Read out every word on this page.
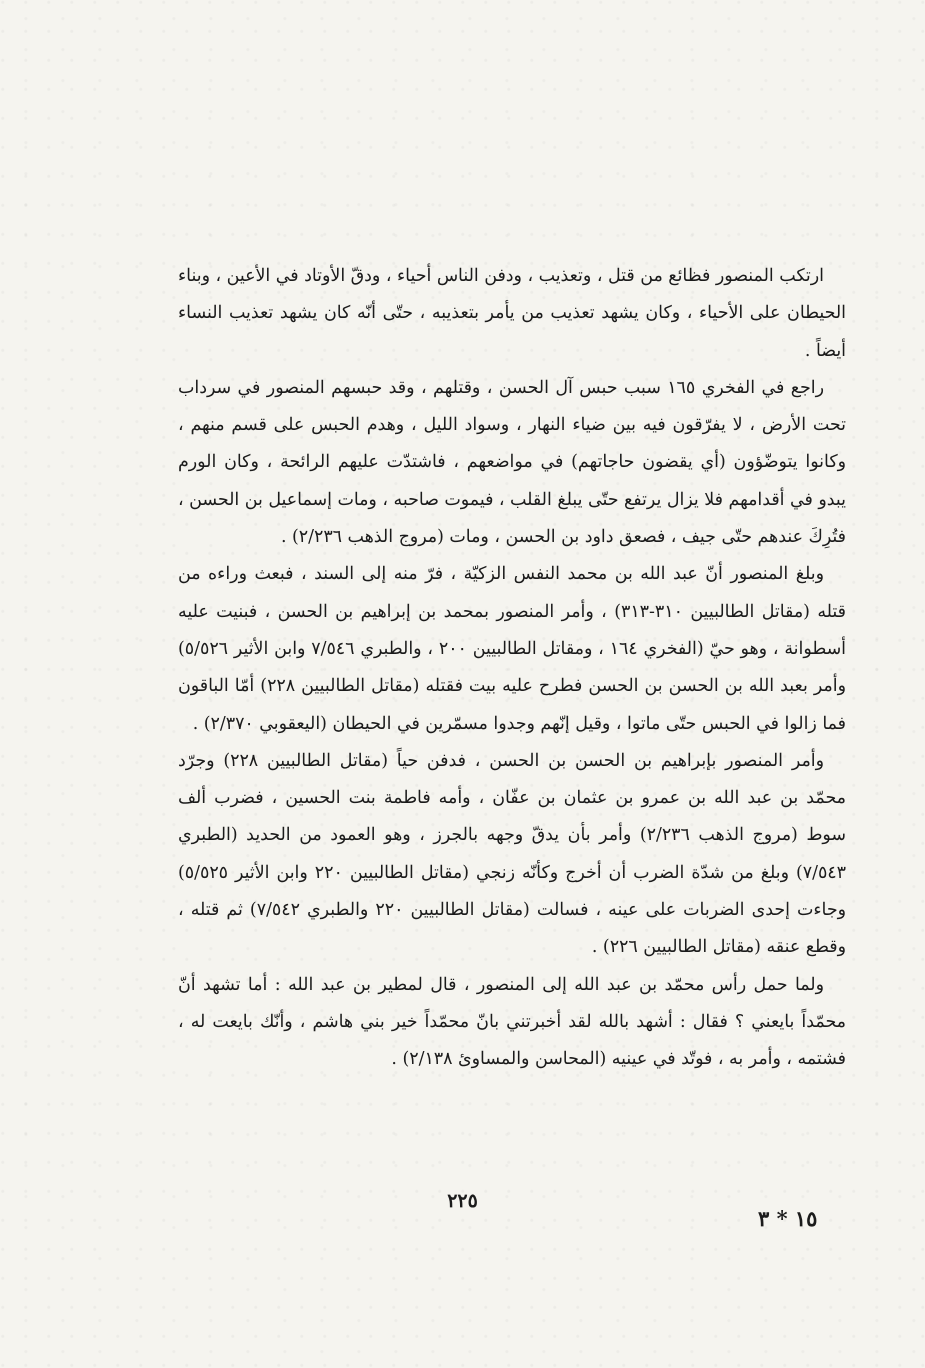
ارتكب المنصور فظائع من قتل ، وتعذيب ، ودفن الناس أحياء ، ودقّ الأوتاد في الأعين ، وبناء الحيطان على الأحياء ، وكان يشهد تعذيب من يأمر بتعذيبه ، حتّى أنّه كان يشهد تعذيب النساء أيضاً .

راجع في الفخري ١٦٥ سبب حبس آل الحسن ، وقتلهم ، وقد حبسهم المنصور في سرداب تحت الأرض ، لا يفرّقون فيه بين ضياء النهار ، وسواد الليل ، وهدم الحبس على قسم منهم ، وكانوا يتوضّؤون (أي يقضون حاجاتهم) في مواضعهم ، فاشتدّت عليهم الرائحة ، وكان الورم يبدو في أقدامهم فلا يزال يرتفع حتّى يبلغ القلب ، فيموت صاحبه ، ومات إسماعيل بن الحسن ، فتُرِكَ عندهم حتّى جيف ، فصعق داود بن الحسن ، ومات (مروج الذهب ٢/٢٣٦) .

وبلغ المنصور أنّ عبد الله بن محمد النفس الزكيّة ، فرّ منه إلى السند ، فبعث وراءه من قتله (مقاتل الطالبيين ٣١٠-٣١٣) ، وأمر المنصور بمحمد بن إبراهيم بن الحسن ، فبنيت عليه أسطوانة ، وهو حيّ (الفخري ١٦٤ ، ومقاتل الطالبيين ٢٠٠ ، والطبري ٧/٥٤٦ وابن الأثير ٥/٥٢٦) وأمر بعبد الله بن الحسن بن الحسن فطرح عليه بيت فقتله (مقاتل الطالبيين ٢٢٨) أمّا الباقون فما زالوا في الحبس حتّى ماتوا ، وقيل إنّهم وجدوا مسمّرين في الحيطان (اليعقوبي ٢/٣٧٠) .

وأمر المنصور بإبراهيم بن الحسن بن الحسن ، فدفن حياً (مقاتل الطالبيين ٢٢٨) وجرّد محمّد بن عبد الله بن عمرو بن عثمان بن عفّان ، وأمه فاطمة بنت الحسين ، فضرب ألف سوط (مروج الذهب ٢/٢٣٦) وأمر بأن يدقّ وجهه بالجرز ، وهو العمود من الحديد (الطبري ٧/٥٤٣) وبلغ من شدّة الضرب أن أخرج وكأنّه زنجي (مقاتل الطالبيين ٢٢٠ وابن الأثير ٥/٥٢٥) وجاءت إحدى الضربات على عينه ، فسالت (مقاتل الطالبيين ٢٢٠ والطبري ٧/٥٤٢) ثم قتله ، وقطع عنقه (مقاتل الطالبيين ٢٢٦) .

ولما حمل رأس محمّد بن عبد الله إلى المنصور ، قال لمطير بن عبد الله : أما تشهد أنّ محمّداً بايعني ؟ فقال : أشهد بالله لقد أخبرتني بانّ محمّداً خير بني هاشم ، وأنّك بايعت له ، فشتمه ، وأمر به ، فوتّد في عينيه (المحاسن والمساوئ ٢/١٣٨) .

٢٢٥
١٥ * ٣
